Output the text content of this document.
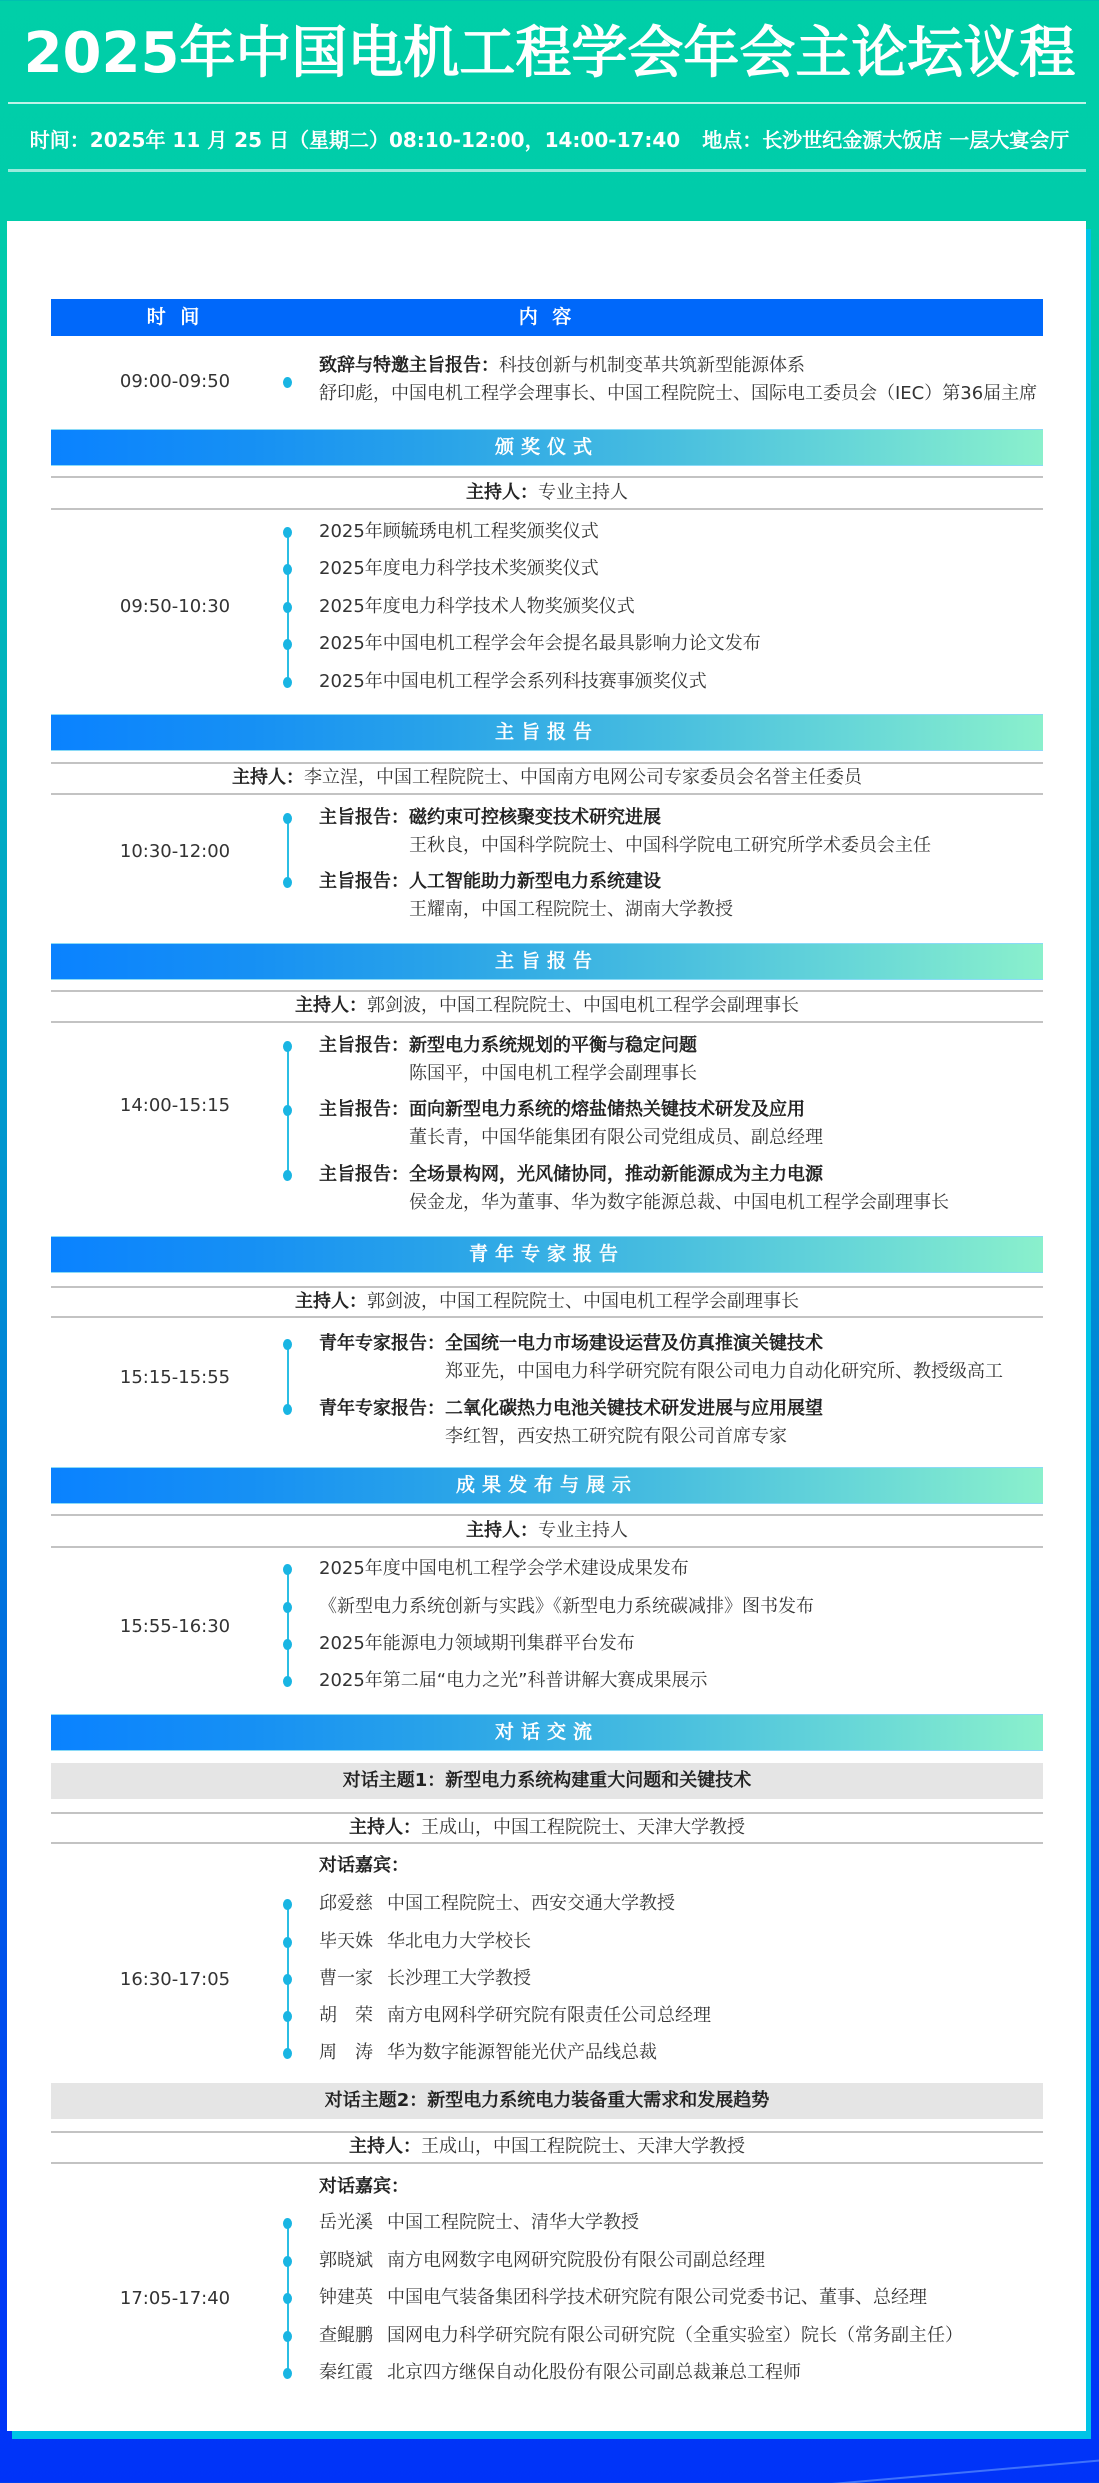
2025年中国电机工程学会年会主论坛议程
时间：2025年 11 月 25 日（星期二）08:10-12:00，14:00-17:40 地点：长沙世纪金源大饭店 一层大宴会厅
内 容
时 间
09:00-09:50
致辞与特邀主旨报告：科技创新与机制变革共筑新型能源体系
舒印彪，中国电机工程学会理事长、中国工程院院士、国际电工委员会（IEC）第36届主席
颁奖仪式
主持人：专业主持人
09:50-10:30
2025年顾毓琇电机工程奖颁奖仪式
2025年度电力科学技术奖颁奖仪式
2025年度电力科学技术人物奖颁奖仪式
2025年中国电机工程学会年会提名最具影响力论文发布
2025年中国电机工程学会系列科技赛事颁奖仪式
主旨报告
主持人：李立浧，中国工程院院士、中国南方电网公司专家委员会名誉主任委员
10:30-12:00
主旨报告： 磁约束可控核聚变技术研究进展
王秋良，中国科学院院士、中国科学院电工研究所学术委员会主任
主旨报告： 人工智能助力新型电力系统建设
王耀南，中国工程院院士、湖南大学教授
主旨报告
主持人：郭剑波，中国工程院院士、中国电机工程学会副理事长
14:00-15:15
主旨报告： 新型电力系统规划的平衡与稳定问题
陈国平，中国电机工程学会副理事长
主旨报告： 面向新型电力系统的熔盐储热关键技术研发及应用
董长青，中国华能集团有限公司党组成员、副总经理
主旨报告： 全场景构网，光风储协同，推动新能源成为主力电源
侯金龙，华为董事、华为数字能源总裁、中国电机工程学会副理事长
青年专家报告
主持人：郭剑波，中国工程院院士、中国电机工程学会副理事长
15:15-15:55
青年专家报告： 全国统一电力市场建设运营及仿真推演关键技术
郑亚先，中国电力科学研究院有限公司电力自动化研究所、教授级高工
青年专家报告： 二氧化碳热力电池关键技术研发进展与应用展望
李红智，西安热工研究院有限公司首席专家
成果发布与展示
主持人：专业主持人
15:55-16:30
2025年度中国电机工程学会学术建设成果发布
《新型电力系统创新与实践》《新型电力系统碳减排》图书发布
2025年能源电力领域期刊集群平台发布
2025年第二届“电力之光”科普讲解大赛成果展示
对话交流
对话主题1：新型电力系统构建重大问题和关键技术
主持人：王成山，中国工程院院士、天津大学教授
对话嘉宾：
16:30-17:05
邱爱慈 中国工程院院士、西安交通大学教授
毕天姝 华北电力大学校长
曹一家 长沙理工大学教授
胡　荣 南方电网科学研究院有限责任公司总经理
周　涛 华为数字能源智能光伏产品线总裁
对话主题2：新型电力系统电力装备重大需求和发展趋势
主持人：王成山，中国工程院院士、天津大学教授
对话嘉宾：
17:05-17:40
岳光溪 中国工程院院士、清华大学教授
郭晓斌 南方电网数字电网研究院股份有限公司副总经理
钟建英 中国电气装备集团科学技术研究院有限公司党委书记、董事、总经理
查鲲鹏 国网电力科学研究院有限公司研究院（全重实验室）院长（常务副主任）
秦红霞 北京四方继保自动化股份有限公司副总裁兼总工程师
